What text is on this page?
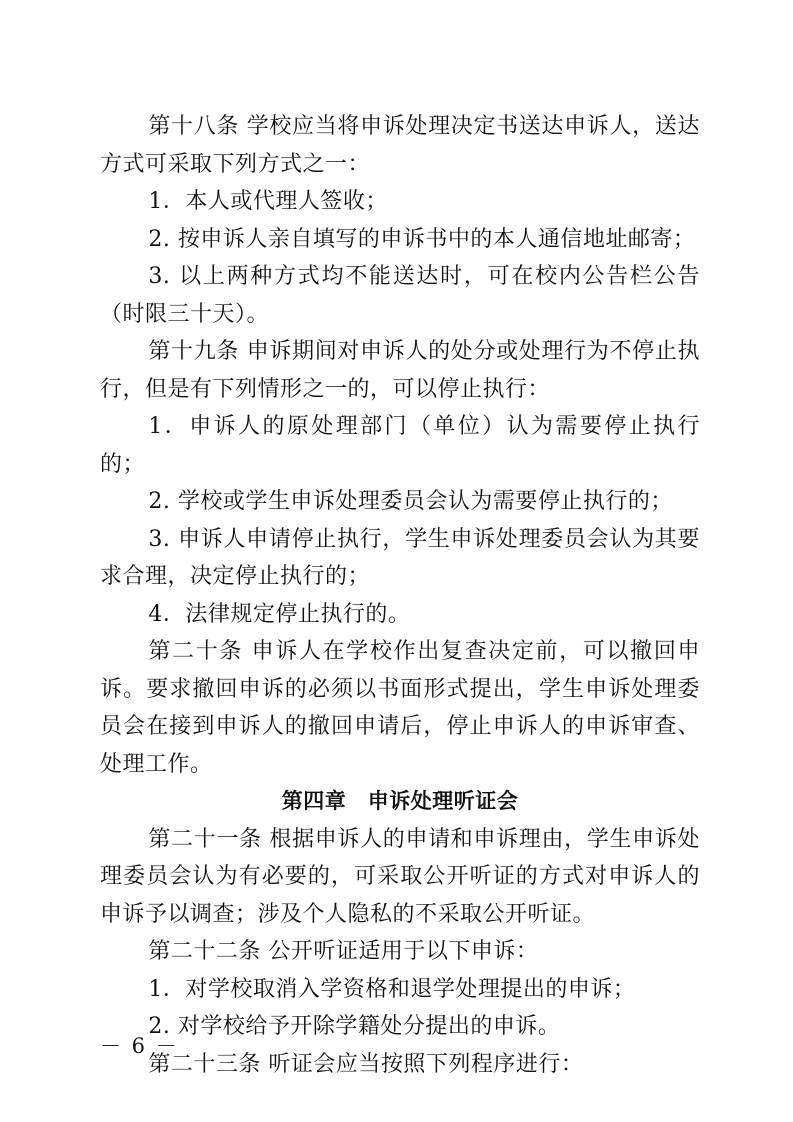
第十八条 学校应当将申诉处理决定书送达申诉人，送达方式可采取下列方式之一：

1．本人或代理人签收；

2. 按申诉人亲自填写的申诉书中的本人通信地址邮寄；

3. 以上两种方式均不能送达时，可在校内公告栏公告（时限三十天）。

第十九条 申诉期间对申诉人的处分或处理行为不停止执行，但是有下列情形之一的，可以停止执行：

1．申诉人的原处理部门（单位）认为需要停止执行的；

2. 学校或学生申诉处理委员会认为需要停止执行的；

3. 申诉人申请停止执行，学生申诉处理委员会认为其要求合理，决定停止执行的；

4．法律规定停止执行的。

第二十条 申诉人在学校作出复查决定前，可以撤回申诉。要求撤回申诉的必须以书面形式提出，学生申诉处理委员会在接到申诉人的撤回申请后，停止申诉人的申诉审查、处理工作。

第四章　申诉处理听证会

第二十一条 根据申诉人的申请和申诉理由，学生申诉处理委员会认为有必要的，可采取公开听证的方式对申诉人的申诉予以调查；涉及个人隐私的不采取公开听证。

第二十二条 公开听证适用于以下申诉：

1．对学校取消入学资格和退学处理提出的申诉；

2. 对学校给予开除学籍处分提出的申诉。

第二十三条 听证会应当按照下列程序进行：

－ 6 －
